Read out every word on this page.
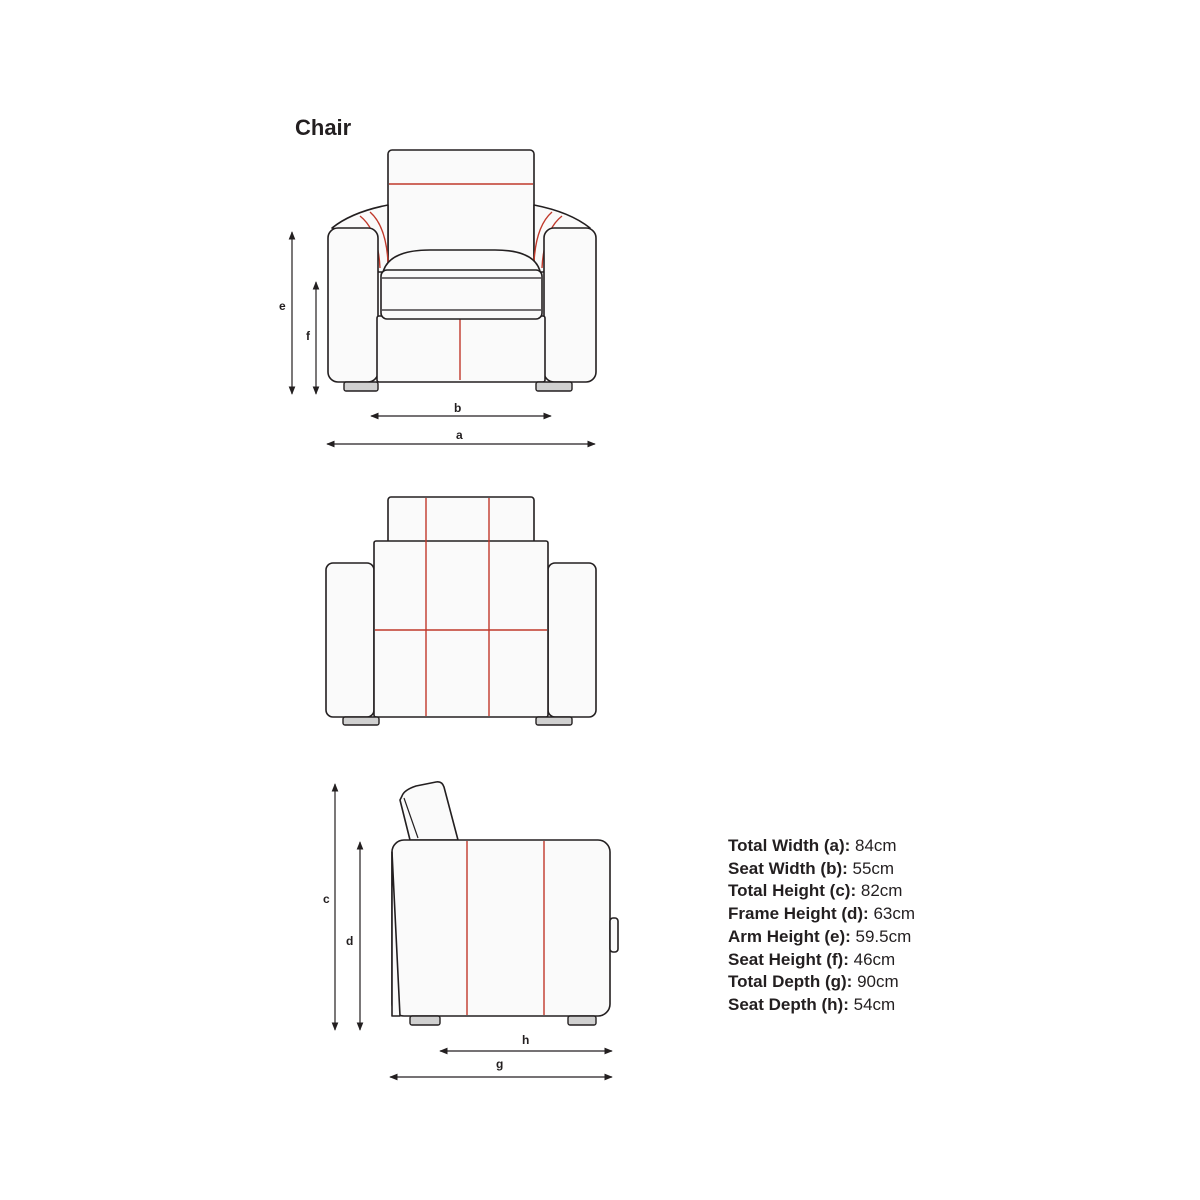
Chair
e
f
b
a
c
d
h
g
Total Width (a): 84cm
Seat Width (b): 55cm
Total Height (c): 82cm
Frame Height (d): 63cm
Arm Height (e): 59.5cm
Seat Height (f): 46cm
Total Depth (g): 90cm
Seat Depth (h): 54cm
